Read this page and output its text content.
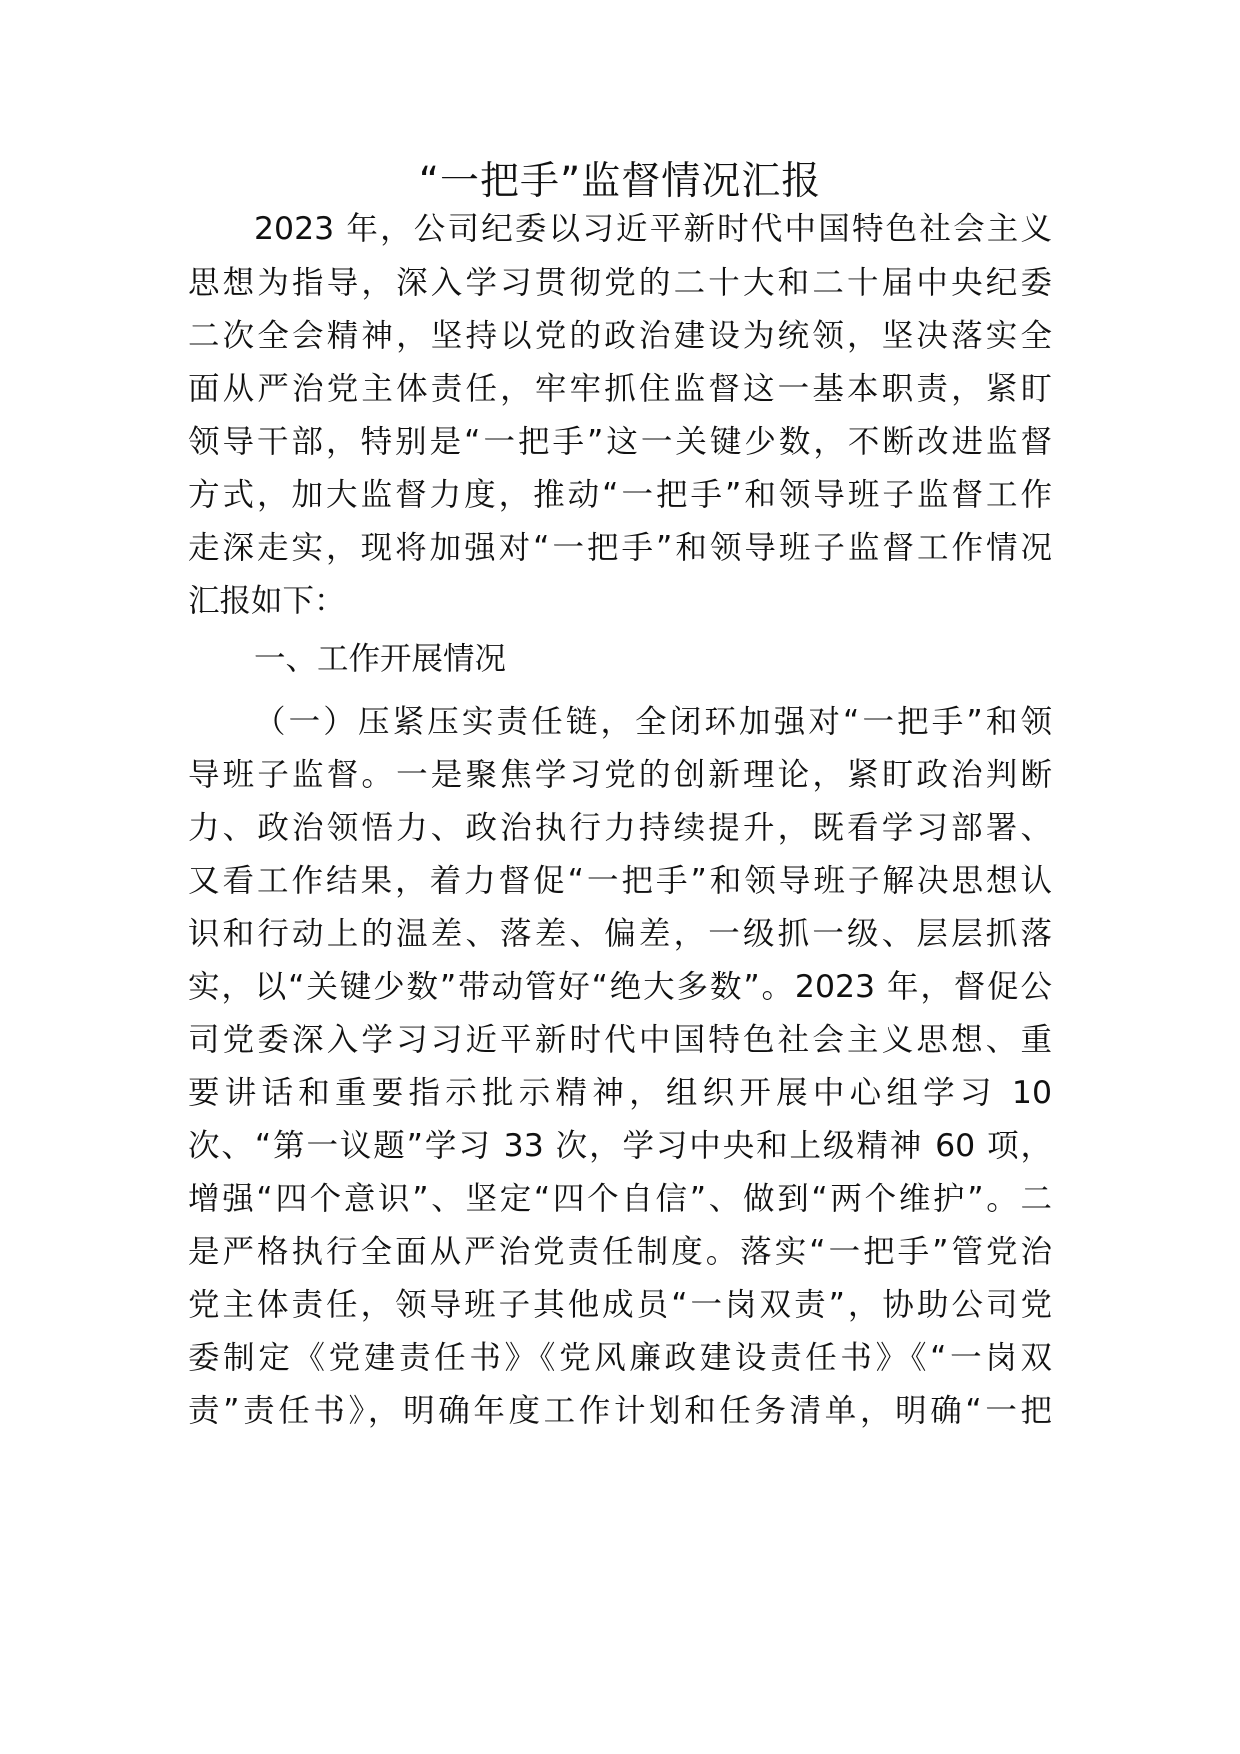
“一把手”监督情况汇报
2023 年，公司纪委以习近平新时代中国特色社会主义
思想为指导，深入学习贯彻党的二十大和二十届中央纪委
二次全会精神，坚持以党的政治建设为统领，坚决落实全
面从严治党主体责任，牢牢抓住监督这一基本职责，紧盯
领导干部，特别是“一把手”这一关键少数，不断改进监督
方式，加大监督力度，推动“一把手”和领导班子监督工作
走深走实，现将加强对“一把手”和领导班子监督工作情况
汇报如下：
一、工作开展情况
（一）压紧压实责任链，全闭环加强对“一把手”和领
导班子监督。一是聚焦学习党的创新理论，紧盯政治判断
力、政治领悟力、政治执行力持续提升，既看学习部署、
又看工作结果，着力督促“一把手”和领导班子解决思想认
识和行动上的温差、落差、偏差，一级抓一级、层层抓落
实，以“关键少数”带动管好“绝大多数”。2023 年，督促公
司党委深入学习习近平新时代中国特色社会主义思想、重
要讲话和重要指示批示精神，组织开展中心组学习 10
次、“第一议题”学习 33 次，学习中央和上级精神 60 项，
增强“四个意识”、坚定“四个自信”、做到“两个维护”。二
是严格执行全面从严治党责任制度。落实“一把手”管党治
党主体责任，领导班子其他成员“一岗双责”，协助公司党
委制定《党建责任书》《党风廉政建设责任书》《“一岗双
责”责任书》，明确年度工作计划和任务清单，明确“一把
